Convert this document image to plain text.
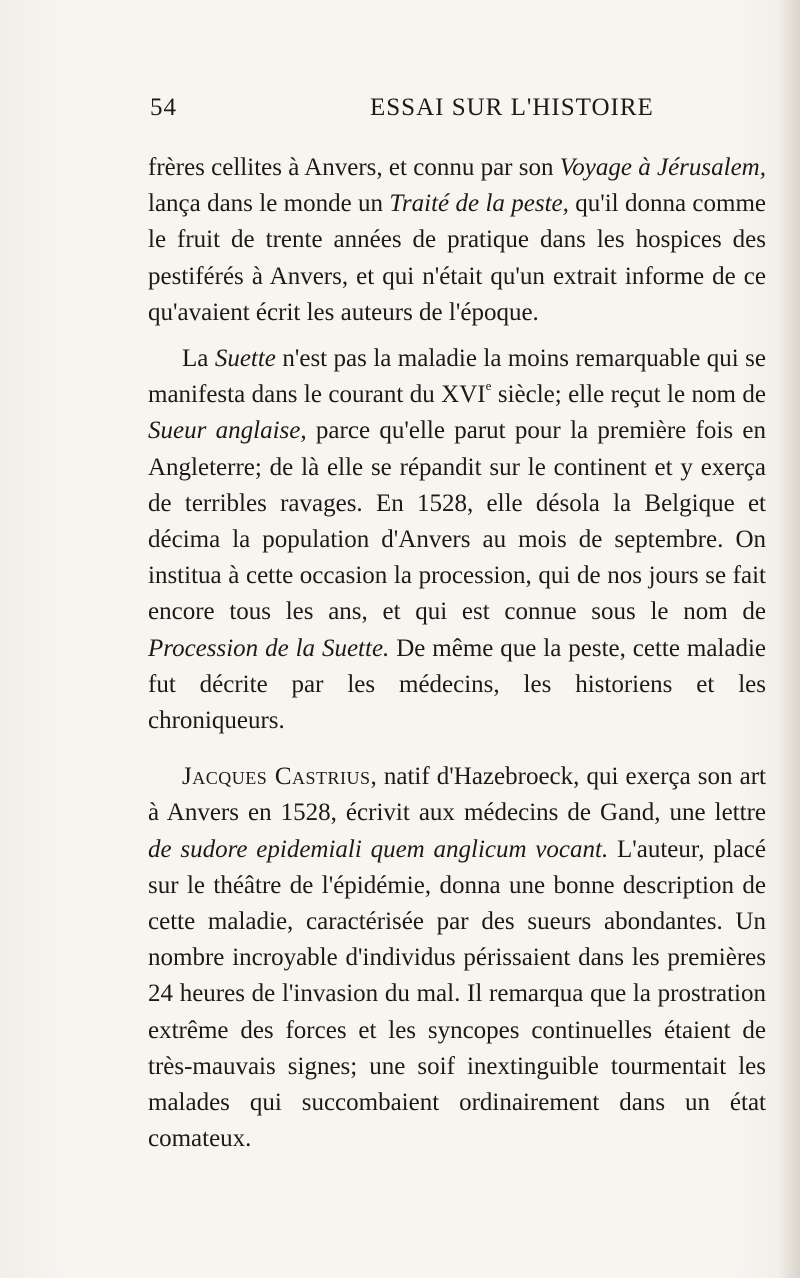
54	ESSAI SUR L'HISTOIRE

frères cellites à Anvers, et connu par son Voyage à Jérusalem, lança dans le monde un Traité de la peste, qu'il donna comme le fruit de trente années de pratique dans les hospices des pestiférés à Anvers, et qui n'était qu'un extrait informe de ce qu'avaient écrit les auteurs de l'époque.

La Suette n'est pas la maladie la moins remarquable qui se manifesta dans le courant du XVIe siècle; elle reçut le nom de Sueur anglaise, parce qu'elle parut pour la première fois en Angleterre; de là elle se répandit sur le continent et y exerça de terribles ravages. En 1528, elle désola la Belgique et décima la population d'Anvers au mois de septembre. On institua à cette occasion la procession, qui de nos jours se fait encore tous les ans, et qui est connue sous le nom de Procession de la Suette. De même que la peste, cette maladie fut décrite par les médecins, les historiens et les chroniqueurs.

Jacques Castrius, natif d'Hazebroeck, qui exerça son art à Anvers en 1528, écrivit aux médecins de Gand, une lettre de sudore epidemiali quem anglicum vocant. L'auteur, placé sur le théâtre de l'épidémie, donna une bonne description de cette maladie, caractérisée par des sueurs abondantes. Un nombre incroyable d'individus périssaient dans les premières 24 heures de l'invasion du mal. Il remarqua que la prostration extrême des forces et les syncopes continuelles étaient de très-mauvais signes; une soif inextinguible tourmentait les malades qui succombaient ordinairement dans un état comateux.
